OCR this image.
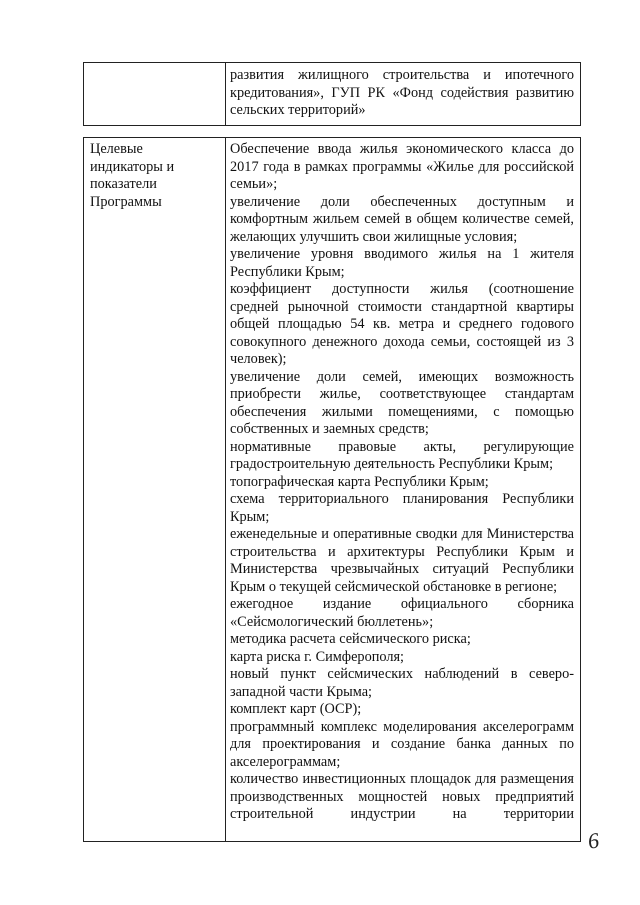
развития жилищного строительства и ипотечного
кредитования», ГУП РК «Фонд содействия развитию
сельских территорий»
Целевые
индикаторы и
показатели
Программы

Обеспечение ввода жилья экономического класса до 2017 года в рамках программы «Жилье для российской семьи»;

увеличение доли обеспеченных доступным и комфортным жильем семей в общем количестве семей, желающих улучшить свои жилищные условия;

увеличение уровня вводимого жилья на 1 жителя Республики Крым;

коэффициент доступности жилья (соотношение средней рыночной стоимости стандартной квартиры общей площадью 54 кв. метра и среднего годового совокупного денежного дохода семьи, состоящей из 3 человек);

увеличение доли семей, имеющих возможность приобрести жилье, соответствующее стандартам обеспечения жилыми помещениями, с помощью собственных и заемных средств;

нормативные правовые акты, регулирующие градостроительную деятельность Республики Крым;

топографическая карта Республики Крым;

схема территориального планирования Республики Крым;

еженедельные и оперативные сводки для Министерства строительства и архитектуры Республики Крым и Министерства чрезвычайных ситуаций Республики Крым о текущей сейсмической обстановке в регионе;

ежегодное издание официального сборника «Сейсмологический бюллетень»;

методика расчета сейсмического риска;

карта риска г. Симферополя;

новый пункт сейсмических наблюдений в северо-западной части Крыма;

комплект карт (ОСР);

программный комплекс моделирования акселерограмм для проектирования и создание банка данных по акселерограммам;

количество инвестиционных площадок для размещения производственных мощностей новых предприятий строительной индустрии на территории

6
